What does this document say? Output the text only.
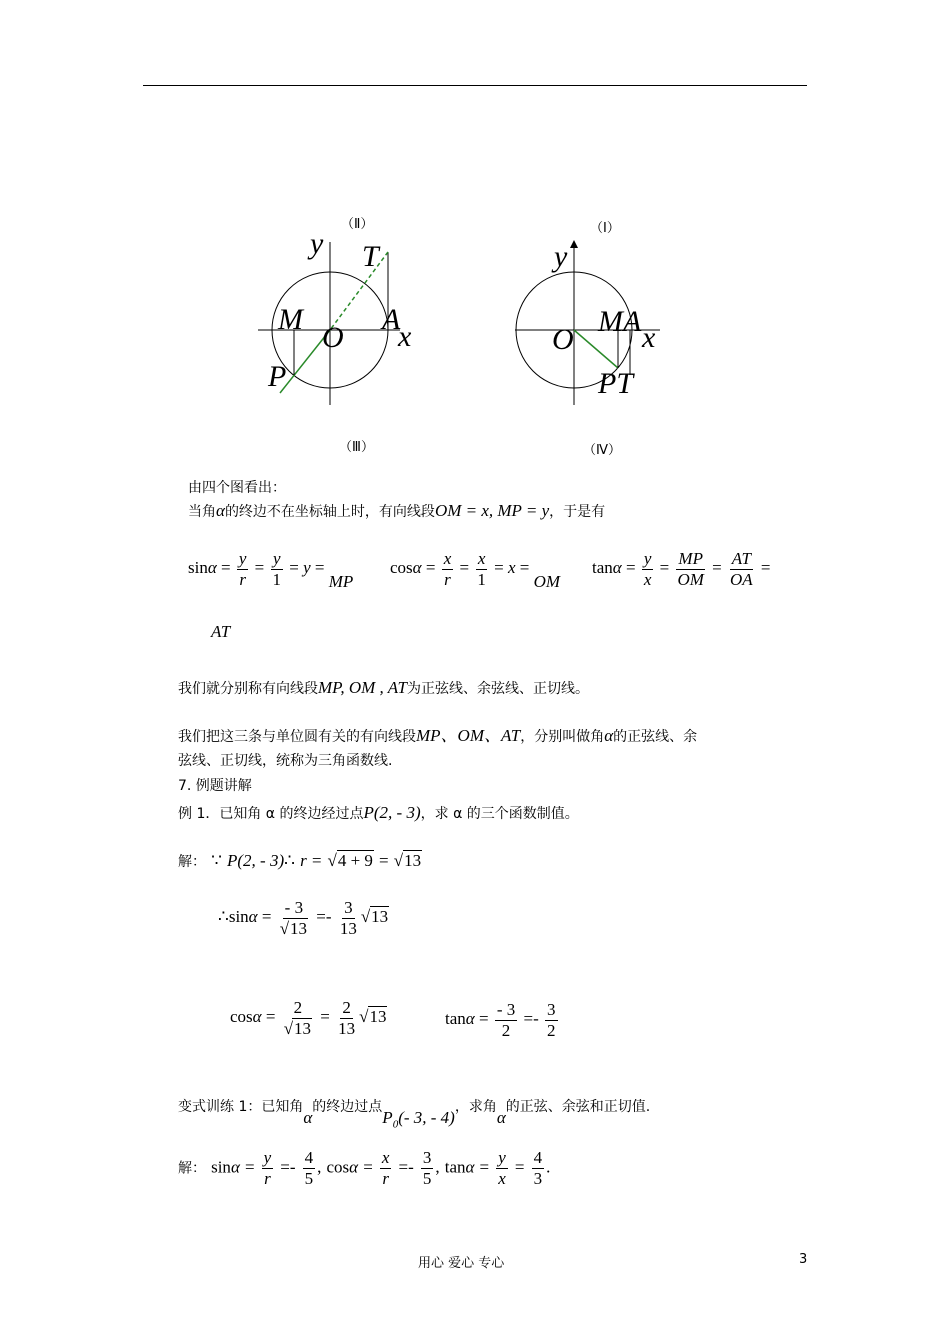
（Ⅱ）	（Ⅰ）
（Ⅲ）	（Ⅳ）
y T
M
O
A
x
P
y
O
MA x
PT
由四个图看出：
当角α的终边不在坐标轴上时，有向线段OM = x, MP = y，于是有
$\sin\alpha = \frac{y}{r} = \frac{y}{1} = y$ = MP
$\cos\alpha = \frac{x}{r} = \frac{x}{1} = x$ = OM
$\tan\alpha = \frac{y}{x} = \frac{MP}{OM} = \frac{AT}{OA}$ =
AT
我们就分别称有向线段MP, OM , AT为正弦线、余弦线、正切线。
我们把这三条与单位圆有关的有向线段MP、OM、AT，分别叫做角α的正弦线、余
弦线、正切线，统称为三角函数线.
7. 例题讲解
例 1．已知角 α 的终边经过点P(2, - 3)，求 α 的三个函数制值。
解： ∵ P(2, - 3)∴ r = √4 + 9 = √13
∴sinα = $\frac{- 3}{√13} =- \frac{3}{13} √13$
$\cos\alpha = \frac{2}{√13} = \frac{2}{13} √13$	$\tan\alpha = \frac{- 3}{2} =- \frac{3}{2}$
变式训练 1：已知角α的终边过点$P_0(-$ 3, - 4)，求角α的正弦、余弦和正切值.
解： $\sin\alpha = \frac{y}{r} =- \frac{4}{5}$ , $\cos\alpha = \frac{x}{r} =- \frac{3}{5}$ , $\tan\alpha = \frac{y}{x} = \frac{4}{3}$ .
用心 爱心 专心	3
